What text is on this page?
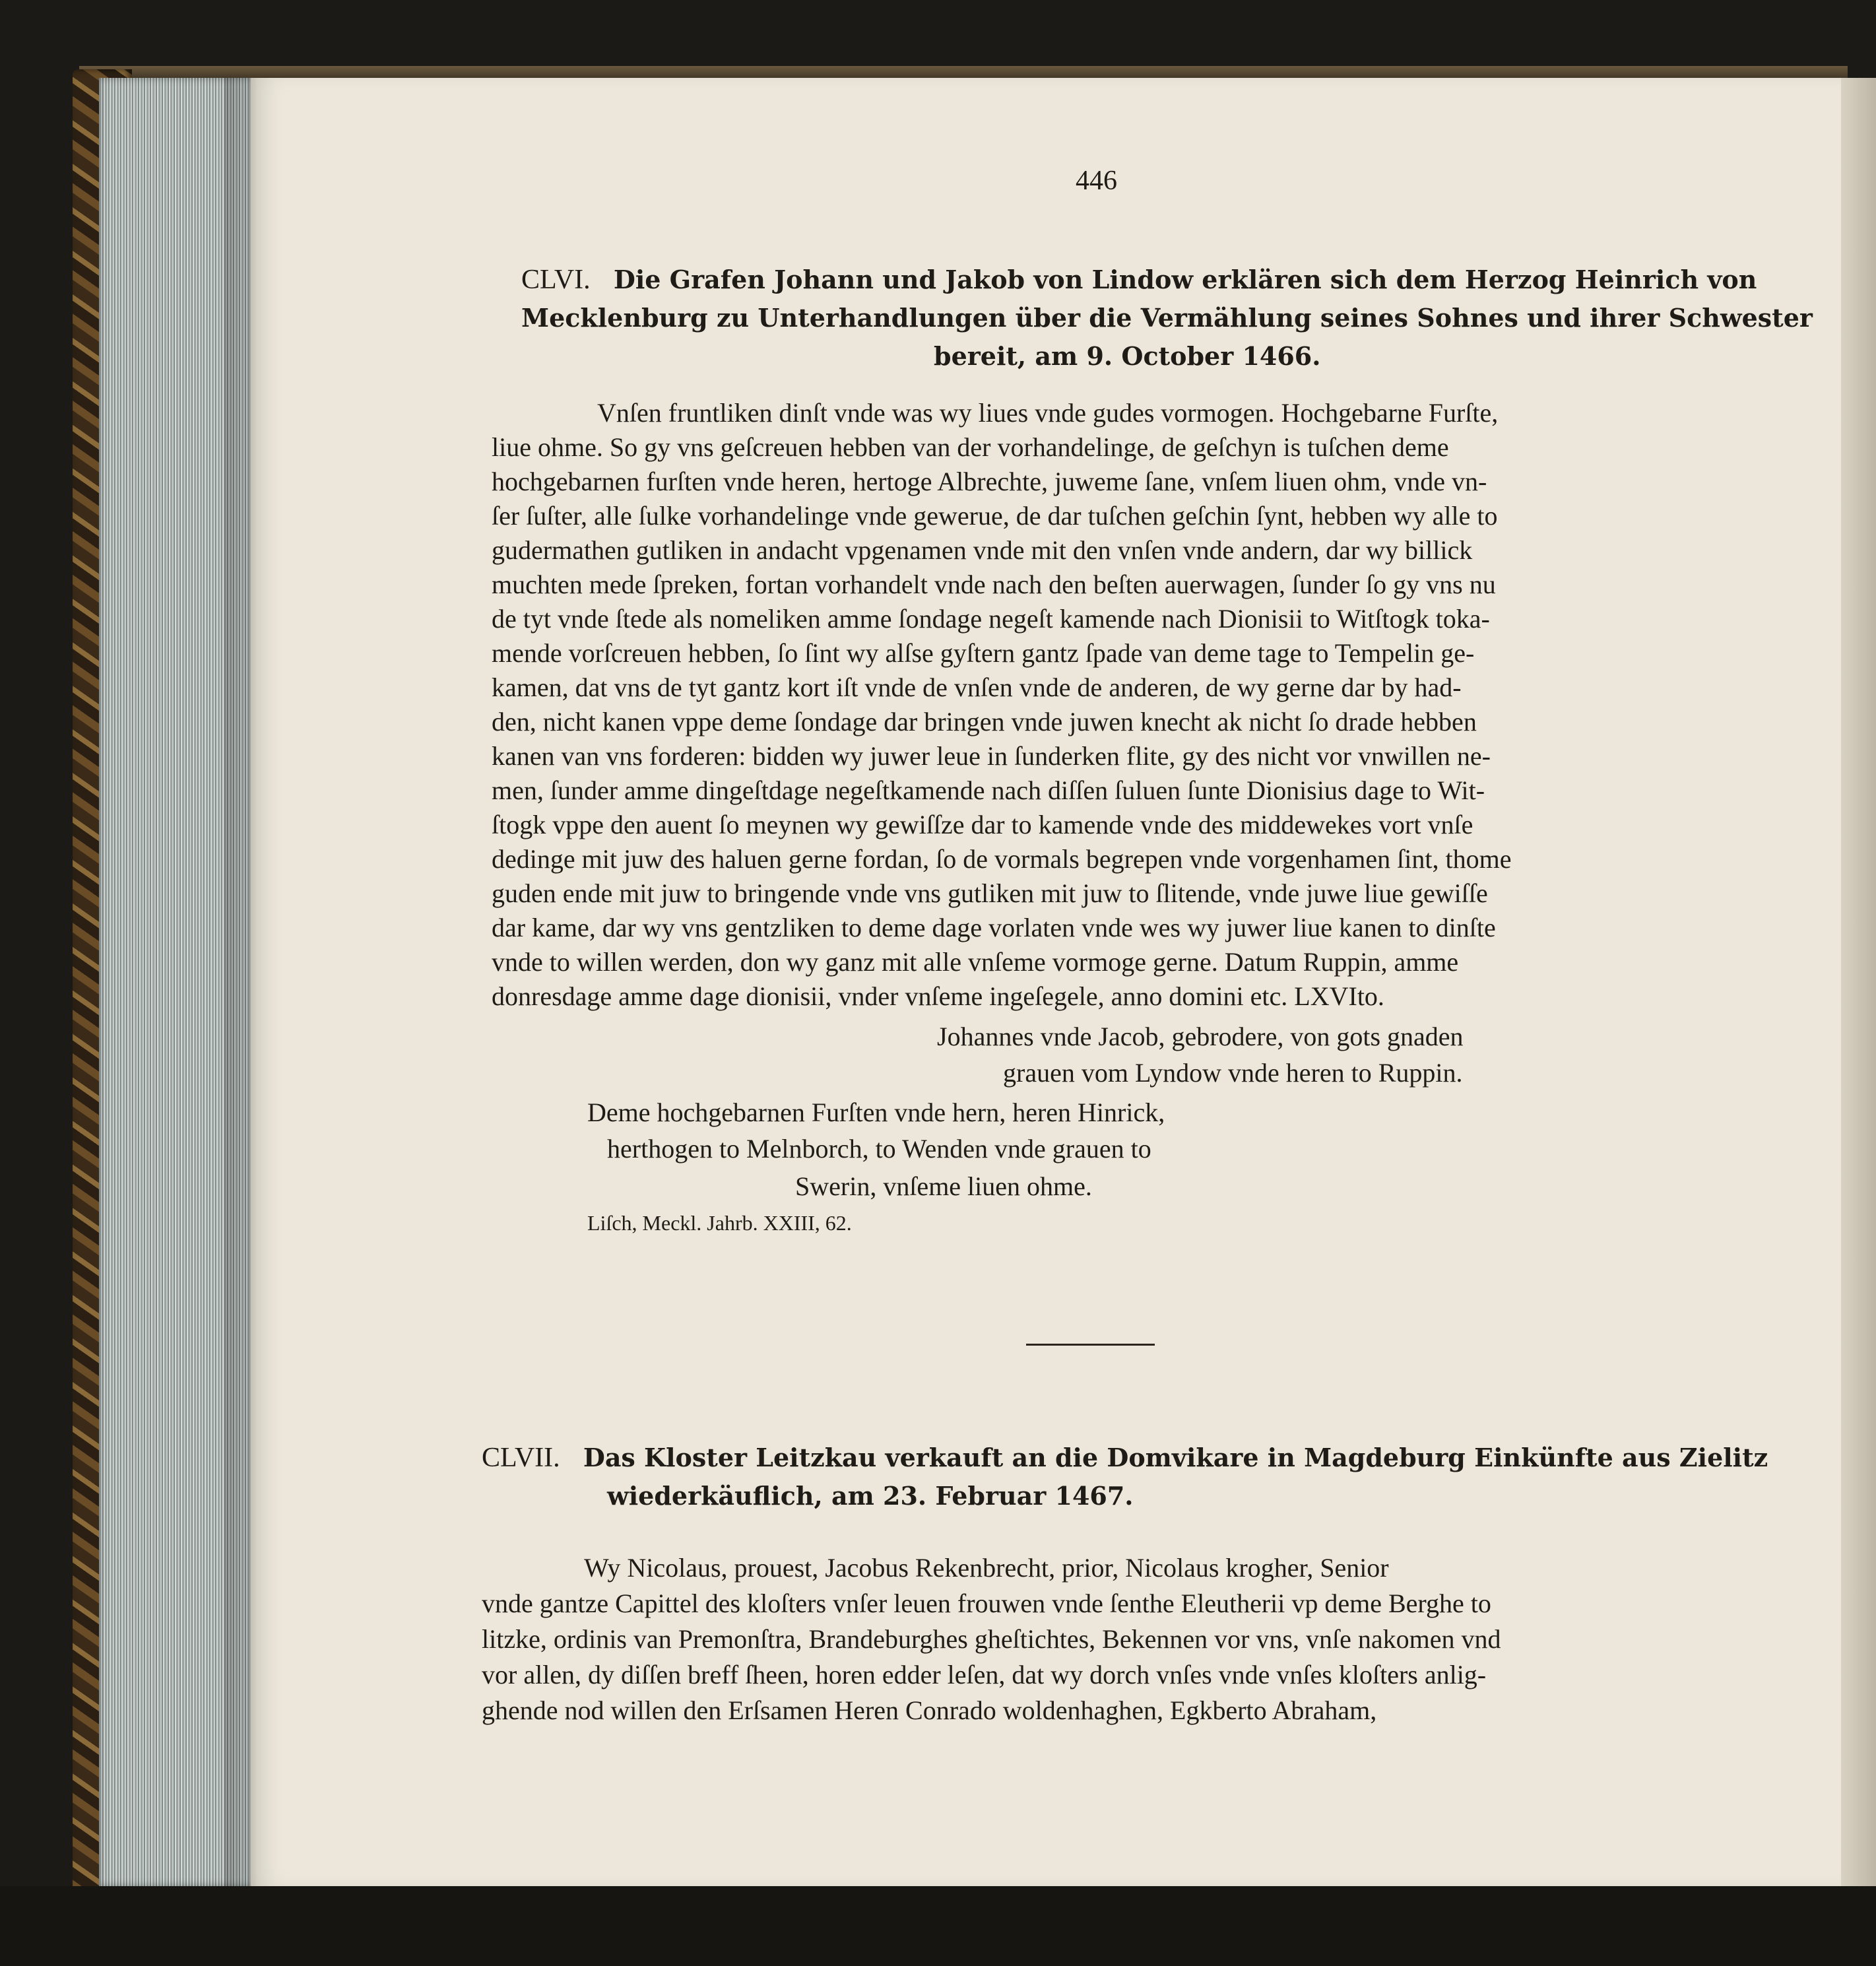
446

CLVI. Die Grafen Johann und Jakob von Lindow erklären sich dem Herzog Heinrich von

Mecklenburg zu Unterhandlungen über die Vermählung seines Sohnes und ihrer Schwester

bereit, am 9. October 1466.

Vnſen fruntliken dinſt vnde was wy liues vnde gudes vormogen. Hochgebarne Furſte,

liue ohme. So gy vns geſcreuen hebben van der vorhandelinge, de geſchyn is tuſchen deme

hochgebarnen furſten vnde heren, hertoge Albrechte, juweme ſane, vnſem liuen ohm, vnde vn-

ſer ſuſter, alle ſulke vorhandelinge vnde gewerue, de dar tuſchen geſchin ſynt, hebben wy alle to

gudermathen gutliken in andacht vpgenamen vnde mit den vnſen vnde andern, dar wy billick

muchten mede ſpreken, fortan vorhandelt vnde nach den beſten auerwagen, ſunder ſo gy vns nu

de tyt vnde ſtede als nomeliken amme ſondage negeſt kamende nach Dionisii to Witſtogk toka-

mende vorſcreuen hebben, ſo ſint wy alſse gyſtern gantz ſpade van deme tage to Tempelin ge-

kamen, dat vns de tyt gantz kort iſt vnde de vnſen vnde de anderen, de wy gerne dar by had-

den, nicht kanen vppe deme ſondage dar bringen vnde juwen knecht ak nicht ſo drade hebben

kanen van vns forderen: bidden wy juwer leue in ſunderken flite, gy des nicht vor vnwillen ne-

men, ſunder amme dingeſtdage negeſtkamende nach diſſen ſuluen ſunte Dionisius dage to Wit-

ſtogk vppe den auent ſo meynen wy gewiſſze dar to kamende vnde des middewekes vort vnſe

dedinge mit juw des haluen gerne fordan, ſo de vormals begrepen vnde vorgenhamen ſint, thome

guden ende mit juw to bringende vnde vns gutliken mit juw to ſlitende, vnde juwe liue gewiſſe

dar kame, dar wy vns gentzliken to deme dage vorlaten vnde wes wy juwer liue kanen to dinſte

vnde to willen werden, don wy ganz mit alle vnſeme vormoge gerne. Datum Ruppin, amme

donresdage amme dage dionisii, vnder vnſeme ingeſegele, anno domini etc. LXVIto.

Johannes vnde Jacob, gebrodere, von gots gnaden

grauen vom Lyndow vnde heren to Ruppin.

Deme hochgebarnen Furſten vnde hern, heren Hinrick,

herthogen to Melnborch, to Wenden vnde grauen to

Swerin, vnſeme liuen ohme.

Liſch, Meckl. Jahrb. XXIII, 62.

CLVII. Das Kloster Leitzkau verkauft an die Domvikare in Magdeburg Einkünfte aus Zielitz

wiederkäuflich, am 23. Februar 1467.

Wy Nicolaus, prouest, Jacobus Rekenbrecht, prior, Nicolaus krogher, Senior

vnde gantze Capittel des kloſters vnſer leuen frouwen vnde ſenthe Eleutherii vp deme Berghe to

litzke, ordinis van Premonſtra, Brandeburghes gheſtichtes, Bekennen vor vns, vnſe nakomen vnd

vor allen, dy diſſen breff ſheen, horen edder leſen, dat wy dorch vnſes vnde vnſes kloſters anlig-

ghende nod willen den Erſsamen Heren Conrado woldenhaghen, Egkberto Abraham,
